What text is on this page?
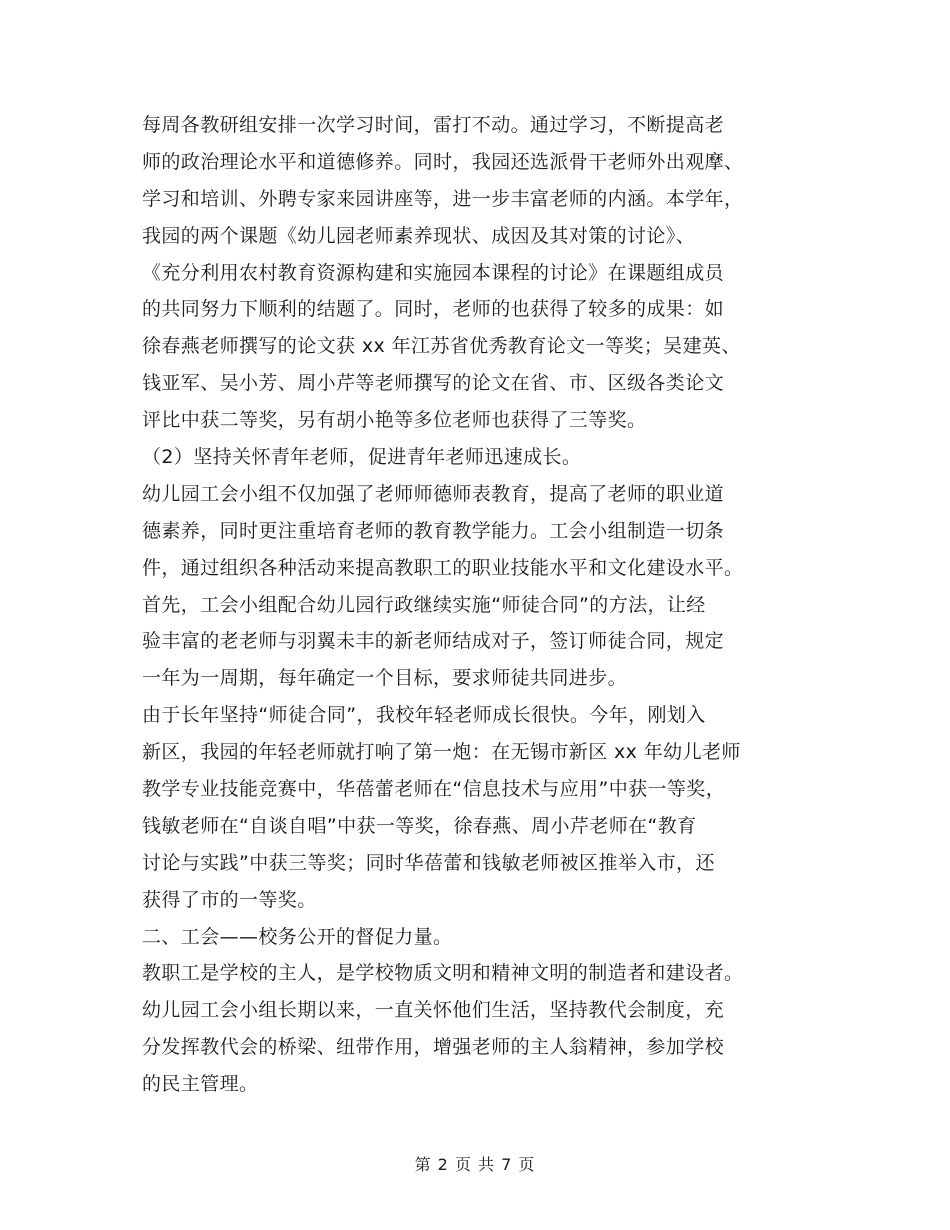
每周各教研组安排一次学习时间，雷打不动。通过学习，不断提高老
师的政治理论水平和道德修养。同时，我园还选派骨干老师外出观摩、
学习和培训、外聘专家来园讲座等，进一步丰富老师的内涵。本学年，
我园的两个课题《幼儿园老师素养现状、成因及其对策的讨论》、
《充分利用农村教育资源构建和实施园本课程的讨论》在课题组成员
的共同努力下顺利的结题了。同时，老师的也获得了较多的成果：如
徐春燕老师撰写的论文获 xx 年江苏省优秀教育论文一等奖；吴建英、
钱亚军、吴小芳、周小芹等老师撰写的论文在省、市、区级各类论文
评比中获二等奖，另有胡小艳等多位老师也获得了三等奖。
（2）坚持关怀青年老师，促进青年老师迅速成长。
幼儿园工会小组不仅加强了老师师德师表教育，提高了老师的职业道
德素养，同时更注重培育老师的教育教学能力。工会小组制造一切条
件，通过组织各种活动来提高教职工的职业技能水平和文化建设水平。
首先，工会小组配合幼儿园行政继续实施“师徒合同”的方法，让经
验丰富的老老师与羽翼未丰的新老师结成对子，签订师徒合同，规定
一年为一周期，每年确定一个目标，要求师徒共同进步。
由于长年坚持“师徒合同”，我校年轻老师成长很快。今年，刚划入
新区，我园的年轻老师就打响了第一炮：在无锡市新区 xx 年幼儿老师
教学专业技能竞赛中，华蓓蕾老师在“信息技术与应用”中获一等奖，
钱敏老师在“自谈自唱”中获一等奖，徐春燕、周小芹老师在“教育
讨论与实践”中获三等奖；同时华蓓蕾和钱敏老师被区推举入市，还
获得了市的一等奖。
二、工会——校务公开的督促力量。
教职工是学校的主人，是学校物质文明和精神文明的制造者和建设者。
幼儿园工会小组长期以来，一直关怀他们生活，坚持教代会制度，充
分发挥教代会的桥梁、纽带作用，增强老师的主人翁精神，参加学校
的民主管理。
第 2 页 共 7 页
